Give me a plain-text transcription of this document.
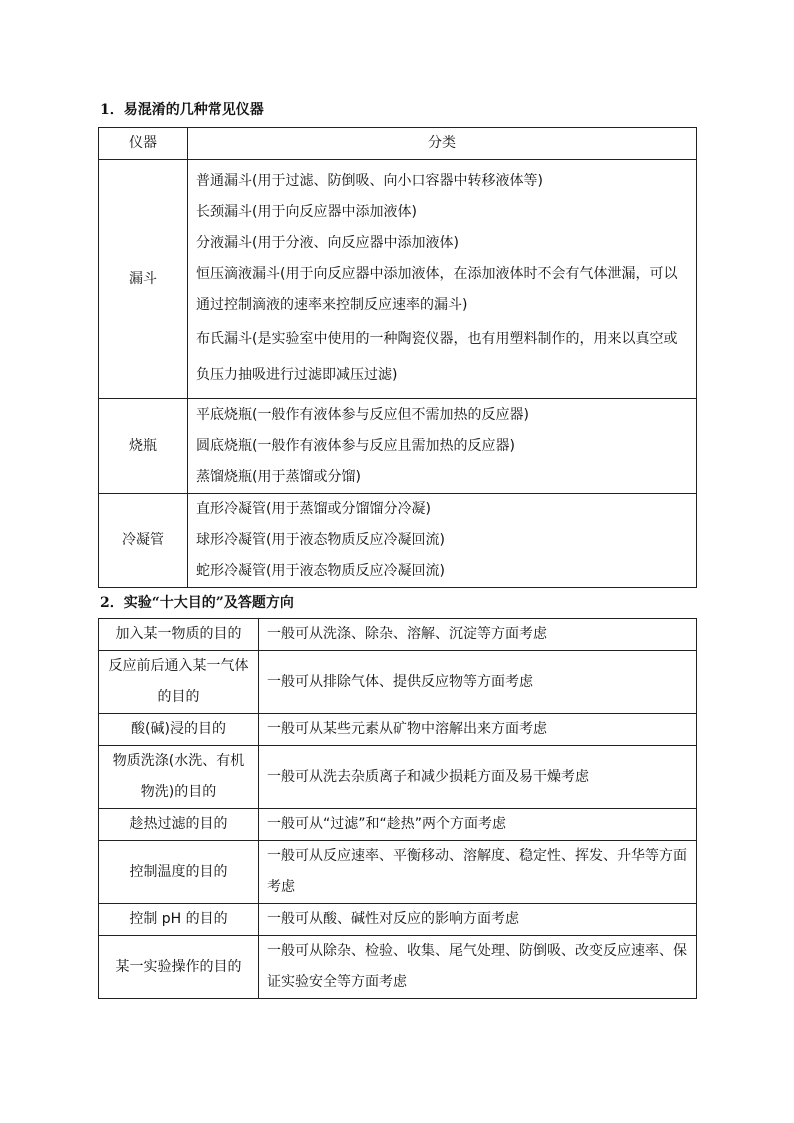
1．易混淆的几种常见仪器
仪器	分类
漏斗	普通漏斗(用于过滤、防倒吸、向小口容器中转移液体等)
长颈漏斗(用于向反应器中添加液体)
分液漏斗(用于分液、向反应器中添加液体)
恒压滴液漏斗(用于向反应器中添加液体，在添加液体时不会有气体泄漏，可以通过控制滴液的速率来控制反应速率的漏斗)
布氏漏斗(是实验室中使用的一种陶瓷仪器，也有用塑料制作的，用来以真空或负压力抽吸进行过滤即减压过滤)

烧瓶	平底烧瓶(一般作有液体参与反应但不需加热的反应器)
圆底烧瓶(一般作有液体参与反应且需加热的反应器)
蒸馏烧瓶(用于蒸馏或分馏)

冷凝管	直形冷凝管(用于蒸馏或分馏馏分冷凝)
球形冷凝管(用于液态物质反应冷凝回流)
蛇形冷凝管(用于液态物质反应冷凝回流)
2．实验“十大目的”及答题方向
加入某一物质的目的	一般可从洗涤、除杂、溶解、沉淀等方面考虑
反应前后通入某一气体的目的	一般可从排除气体、提供反应物等方面考虑
酸(碱)浸的目的	一般可从某些元素从矿物中溶解出来方面考虑
物质洗涤(水洗、有机物洗)的目的	一般可从洗去杂质离子和减少损耗方面及易干燥考虑
趁热过滤的目的	一般可从“过滤”和“趁热”两个方面考虑
控制温度的目的	一般可从反应速率、平衡移动、溶解度、稳定性、挥发、升华等方面考虑
控制 pH 的目的	一般可从酸、碱性对反应的影响方面考虑
某一实验操作的目的	一般可从除杂、检验、收集、尾气处理、防倒吸、改变反应速率、保证实验安全等方面考虑
